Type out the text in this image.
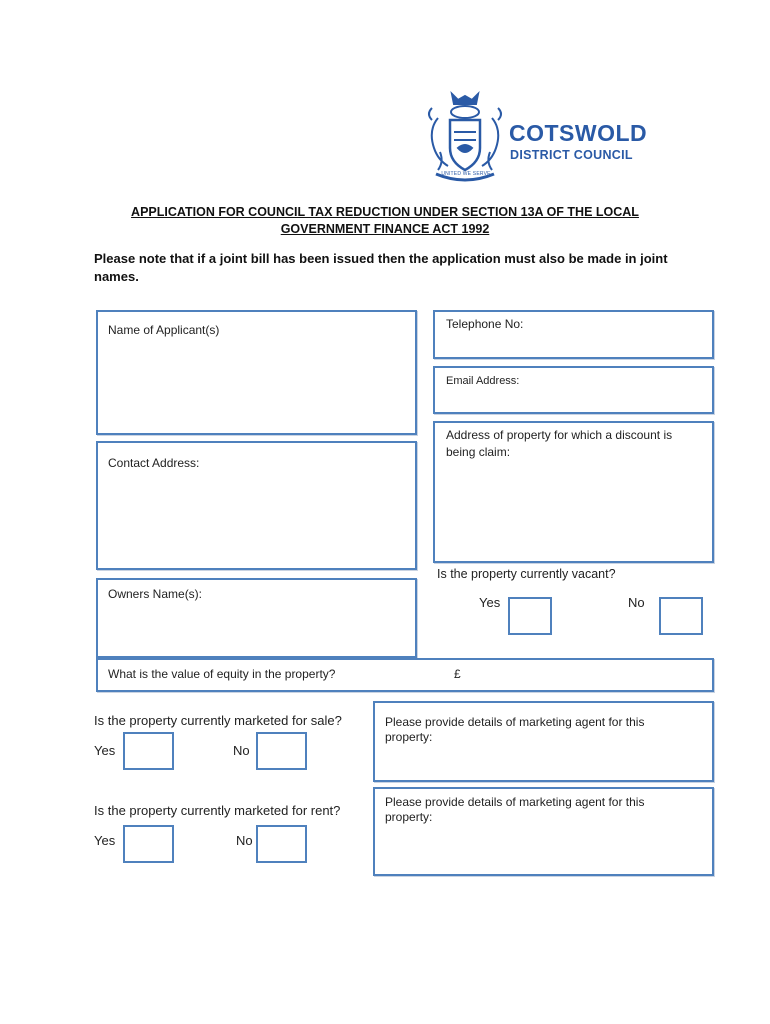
UNITED WE SERVE
COTSWOLD
DISTRICT COUNCIL
APPLICATION FOR COUNCIL TAX REDUCTION UNDER SECTION 13A OF THE LOCAL
GOVERNMENT FINANCE ACT 1992
Please note that if a joint bill has been issued then the application must also be made in joint names.
Name of Applicant(s)	Telephone No:
Email Address:
Address of property for which a discount is being claim:
Contact Address:
Is the property currently vacant?
Yes	No
Owners Name(s):
What is the value of equity in the property?	£
Is the property currently marketed for sale?
Yes	No
Please provide details of marketing agent for this property:
Is the property currently marketed for rent?
Yes	No
Please provide details of marketing agent for this property:
